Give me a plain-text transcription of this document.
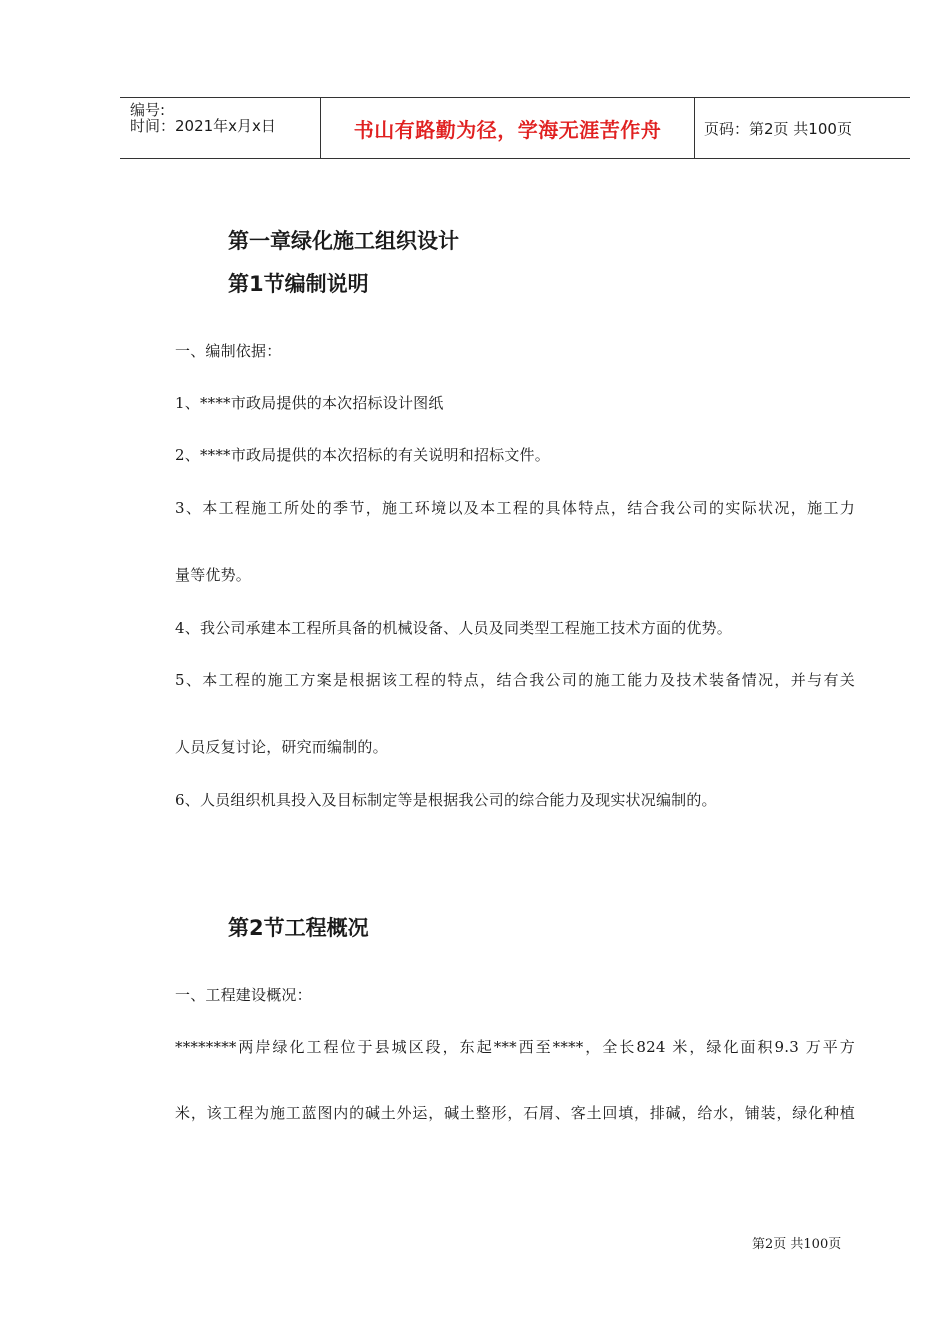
编号:
时间：2021年x月x日	书山有路勤为径，学海无涯苦作舟	页码：第2页 共100页
第一章绿化施工组织设计
第1节编制说明
一、编制依据：
1、****市政局提供的本次招标设计图纸
2、****市政局提供的本次招标的有关说明和招标文件。
3、本工程施工所处的季节，施工环境以及本工程的具体特点，结合我公司的实际状况，施工力
量等优势。
4、我公司承建本工程所具备的机械设备、人员及同类型工程施工技术方面的优势。
5、本工程的施工方案是根据该工程的特点，结合我公司的施工能力及技术装备情况，并与有关
人员反复讨论，研究而编制的。
6、人员组织机具投入及目标制定等是根据我公司的综合能力及现实状况编制的。
第2节工程概况
一、工程建设概况：
********两岸绿化工程位于县城区段，东起***西至****，全长824 米，绿化面积9.3 万平方
米，该工程为施工蓝图内的碱土外运，碱土整形，石屑、客土回填，排碱，给水，铺装，绿化种植
第2页 共100页
